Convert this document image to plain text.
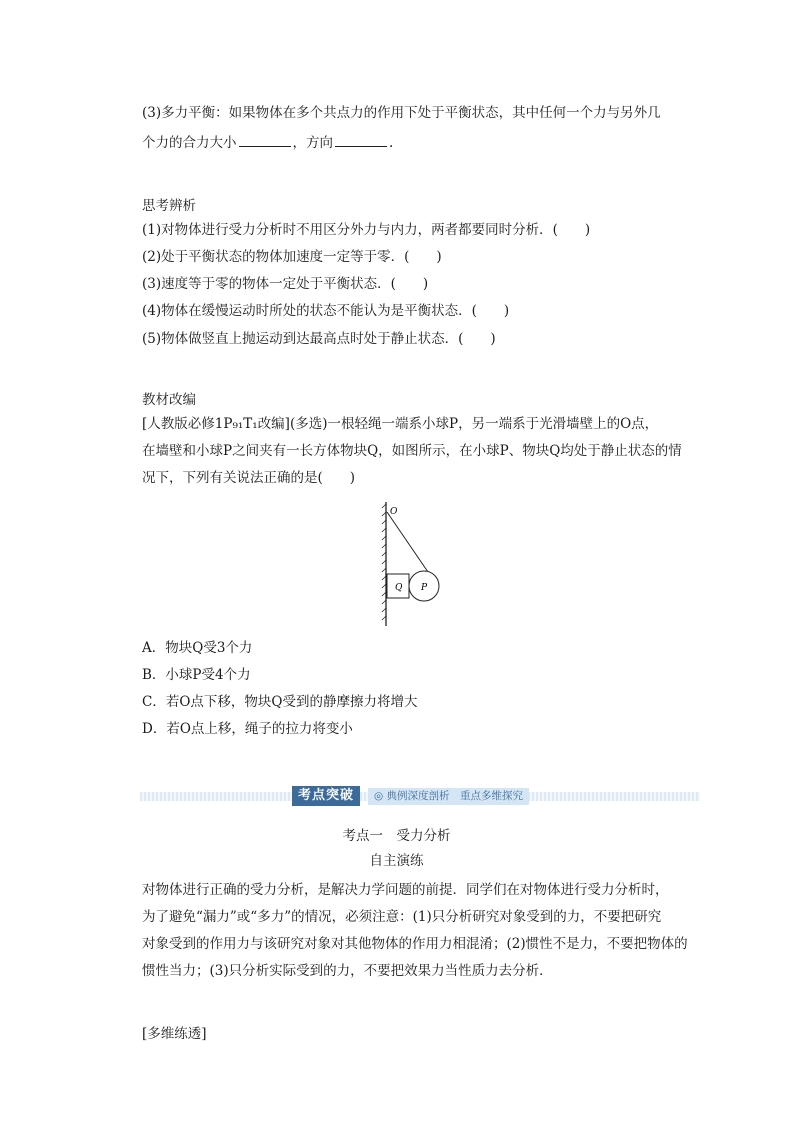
(3)多力平衡：如果物体在多个共点力的作用下处于平衡状态，其中任何一个力与另外几
个力的合力大小	，方向	.
思考辨析
(1)对物体进行受力分析时不用区分外力与内力，两者都要同时分析．(　　)
(2)处于平衡状态的物体加速度一定等于零．(　　)
(3)速度等于零的物体一定处于平衡状态．(　　)
(4)物体在缓慢运动时所处的状态不能认为是平衡状态．(　　)
(5)物体做竖直上抛运动到达最高点时处于静止状态．(　　)
教材改编
[人教版必修1P₉₁T₁改编](多选)一根轻绳一端系小球P，另一端系于光滑墙壁上的O点，
在墙壁和小球P之间夹有一长方体物块Q，如图所示，在小球P、物块Q均处于静止状态的情
况下，下列有关说法正确的是(　　)
O
Q P
A．物块Q受3个力
B．小球P受4个力
C．若O点下移，物块Q受到的静摩擦力将增大
D．若O点上移，绳子的拉力将变小
考点突破	◎ 典例深度剖析　重点多维探究
考点一　受力分析
自主演练
对物体进行正确的受力分析，是解决力学问题的前提．同学们在对物体进行受力分析时，
为了避免“漏力”或“多力”的情况，必须注意：(1)只分析研究对象受到的力，不要把研究
对象受到的作用力与该研究对象对其他物体的作用力相混淆；(2)惯性不是力，不要把物体的
惯性当力；(3)只分析实际受到的力，不要把效果力当性质力去分析．
[多维练透]
